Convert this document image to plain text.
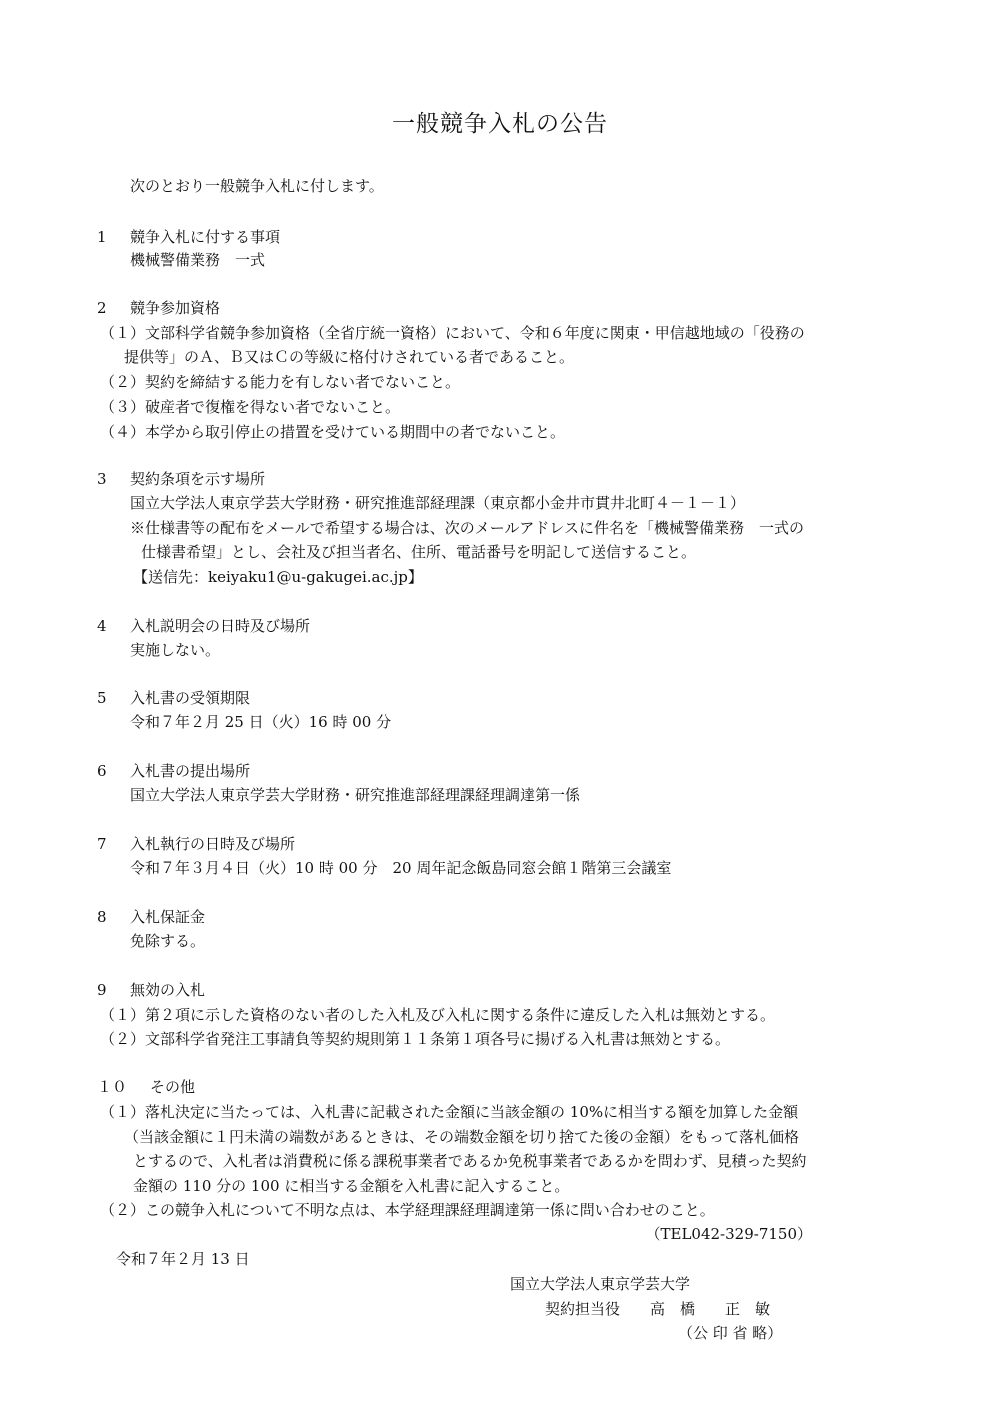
一般競争入札の公告
次のとおり一般競争入札に付します。
1 競争入札に付する事項
機械警備業務　一式
2 競争参加資格
（１）文部科学省競争参加資格（全省庁統一資格）において、令和６年度に関東・甲信越地域の「役務の
提供等」のＡ、Ｂ又はＣの等級に格付けされている者であること。
（２）契約を締結する能力を有しない者でないこと。
（３）破産者で復権を得ない者でないこと。
（４）本学から取引停止の措置を受けている期間中の者でないこと。
3 契約条項を示す場所
国立大学法人東京学芸大学財務・研究推進部経理課（東京都小金井市貫井北町４－１－１）
※仕様書等の配布をメールで希望する場合は、次のメールアドレスに件名を「機械警備業務　一式の
仕様書希望」とし、会社及び担当者名、住所、電話番号を明記して送信すること。
【送信先：keiyaku1@u-gakugei.ac.jp】
4 入札説明会の日時及び場所
実施しない。
5 入札書の受領期限
令和７年２月 25 日（火）16 時 00 分
6 入札書の提出場所
国立大学法人東京学芸大学財務・研究推進部経理課経理調達第一係
7 入札執行の日時及び場所
令和７年３月４日（火）10 時 00 分　20 周年記念飯島同窓会館１階第三会議室
8 入札保証金
免除する。
9 無効の入札
（１）第２項に示した資格のない者のした入札及び入札に関する条件に違反した入札は無効とする。
（２）文部科学省発注工事請負等契約規則第１１条第１項各号に揚げる入札書は無効とする。
１０ その他
（１）落札決定に当たっては、入札書に記載された金額に当該金額の 10%に相当する額を加算した金額
（当該金額に１円未満の端数があるときは、その端数金額を切り捨てた後の金額）をもって落札価格
とするので、入札者は消費税に係る課税事業者であるか免税事業者であるかを問わず、見積った契約
金額の 110 分の 100 に相当する金額を入札書に記入すること。
（２）この競争入札について不明な点は、本学経理課経理調達第一係に問い合わせのこと。
（TEL042-329-7150）
令和７年２月 13 日
国立大学法人東京学芸大学
契約担当役　　高　橋　　正　敏
（公 印 省 略）
